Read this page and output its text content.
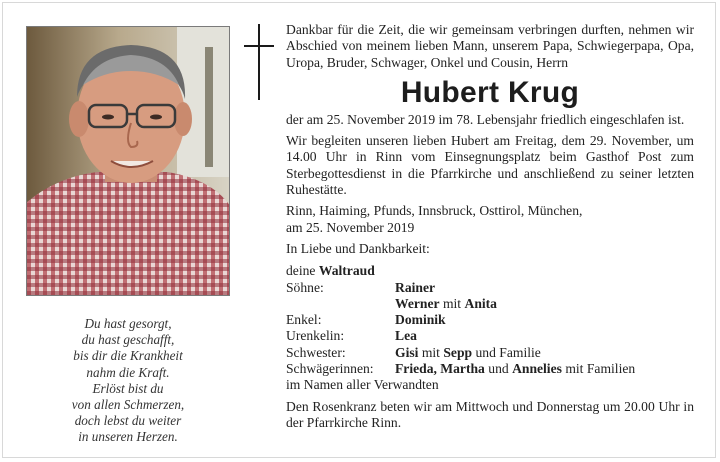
Du hast gesorgt,
du hast geschafft,
bis dir die Krankheit
nahm die Kraft.
Erlöst bist du
von allen Schmerzen,
doch lebst du weiter
in unseren Herzen.
Dankbar für die Zeit, die wir gemeinsam verbringen durften, nehmen wir Abschied von meinem lieben Mann, unserem Papa, Schwiegerpapa, Opa, Uropa, Bruder, Schwager, Onkel und Cousin, Herrn
Hubert Krug
der am 25. November 2019 im 78. Lebensjahr friedlich eingeschlafen ist.
Wir begleiten unseren lieben Hubert am Freitag, dem 29. November, um 14.00 Uhr in Rinn vom Einsegnungsplatz beim Gasthof Post zum Sterbegottesdienst in die Pfarrkirche und anschließend zu seiner letzten Ruhestätte.
Rinn, Haiming, Pfunds, Innsbruck, Osttirol, München,
am 25. November 2019
In Liebe und Dankbarkeit:
deine Waltraud
Söhne:	Rainer
Werner mit Anita
Enkel:	Dominik
Urenkelin:	Lea
Schwester:	Gisi mit Sepp und Familie
Schwägerinnen:	Frieda, Martha und Annelies mit Familien
im Namen aller Verwandten
Den Rosenkranz beten wir am Mittwoch und Donnerstag um 20.00 Uhr in der Pfarrkirche Rinn.
